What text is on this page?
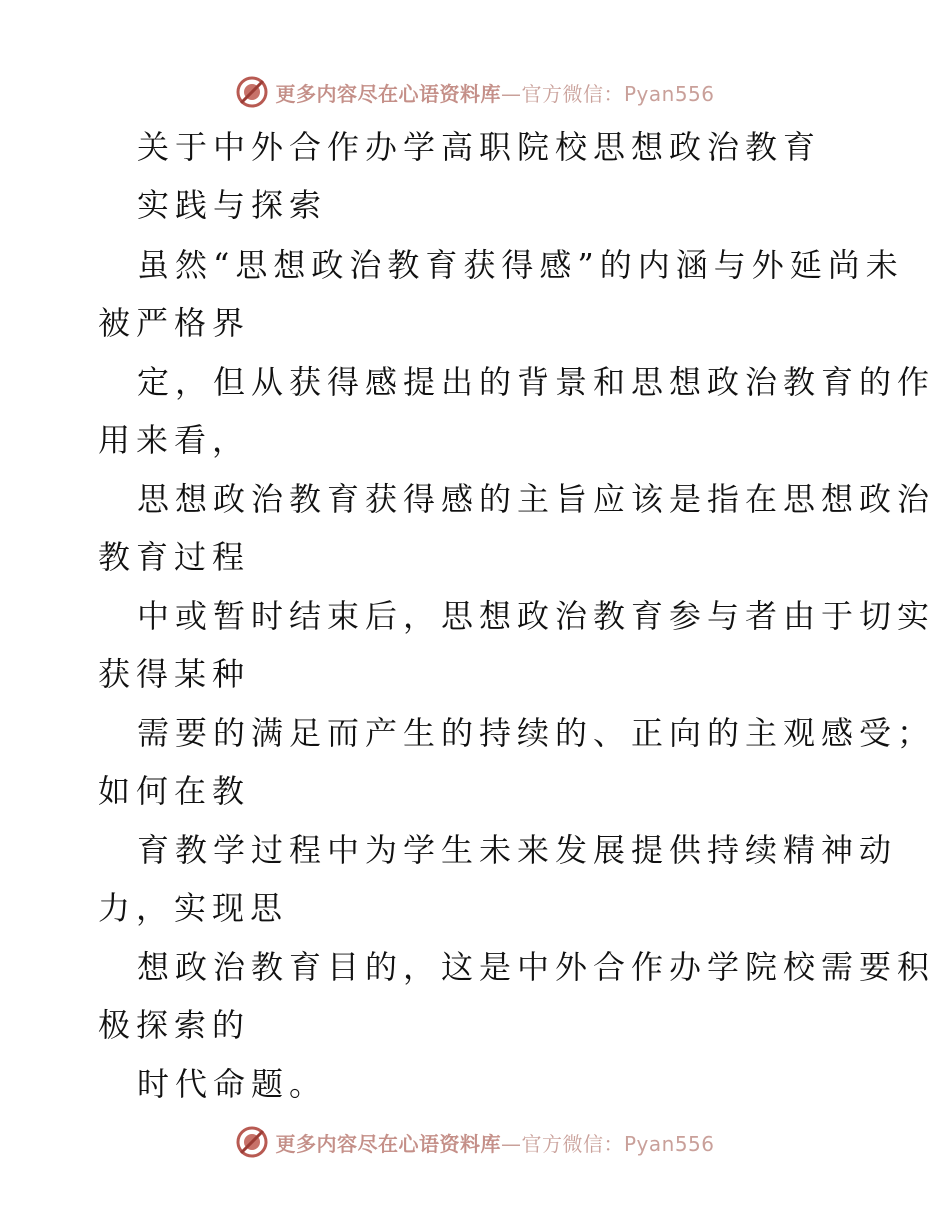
更多内容尽在心语资料库—官方微信：Pyan556
关于中外合作办学高职院校思想政治教育
实践与探索
虽然“思想政治教育获得感”的内涵与外延尚未
被严格界
定，但从获得感提出的背景和思想政治教育的作
用来看，
思想政治教育获得感的主旨应该是指在思想政治
教育过程
中或暂时结束后，思想政治教育参与者由于切实
获得某种
需要的满足而产生的持续的、正向的主观感受；
如何在教
育教学过程中为学生未来发展提供持续精神动
力，实现思
想政治教育目的，这是中外合作办学院校需要积
极探索的
时代命题。
更多内容尽在心语资料库—官方微信：Pyan556
